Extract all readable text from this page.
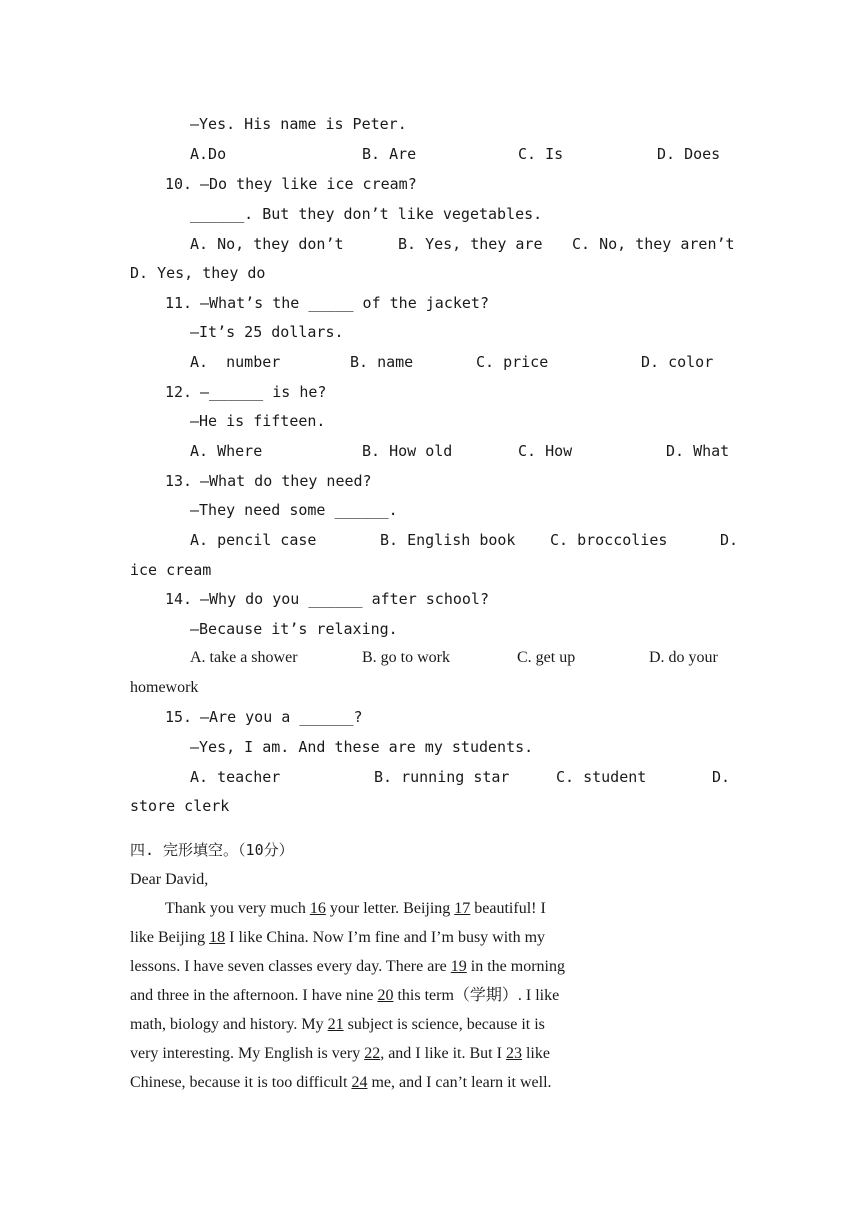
—Yes. His name is Peter.
A.Do	B. Are	C. Is	D. Does
10. —Do they like ice cream?
______. But they don’t like vegetables.
A. No, they don’t	B. Yes, they are C. No, they aren’t
D. Yes, they do
11. —What’s the _____ of the jacket?
—It’s 25 dollars.
A.  number	B. name	C. price	D. color
12. —______ is he?
—He is fifteen.
A. Where	B. How old	C. How	D. What
13. —What do they need?
—They need some ______.
A. pencil case	B. English book C. broccolies	D.
ice cream
14. —Why do you ______ after school?
—Because it’s relaxing.
A. take a shower	B. go to work	C. get up	D. do your
homework
15. —Are you a ______?
—Yes, I am. And these are my students.
A. teacher	B. running star	C. student	D.
store clerk
四. 完形填空。（10分）
Dear David,
Thank you very much 16 your letter. Beijing 17 beautiful! I
like Beijing 18 I like China. Now I’m fine and I’m busy with my
lessons. I have seven classes every day. There are 19 in the morning
and three in the afternoon. I have nine 20 this term（学期）. I like
math, biology and history. My 21 subject is science, because it is
very interesting. My English is very 22, and I like it. But I 23 like
Chinese, because it is too difficult 24 me, and I can’t learn it well.
